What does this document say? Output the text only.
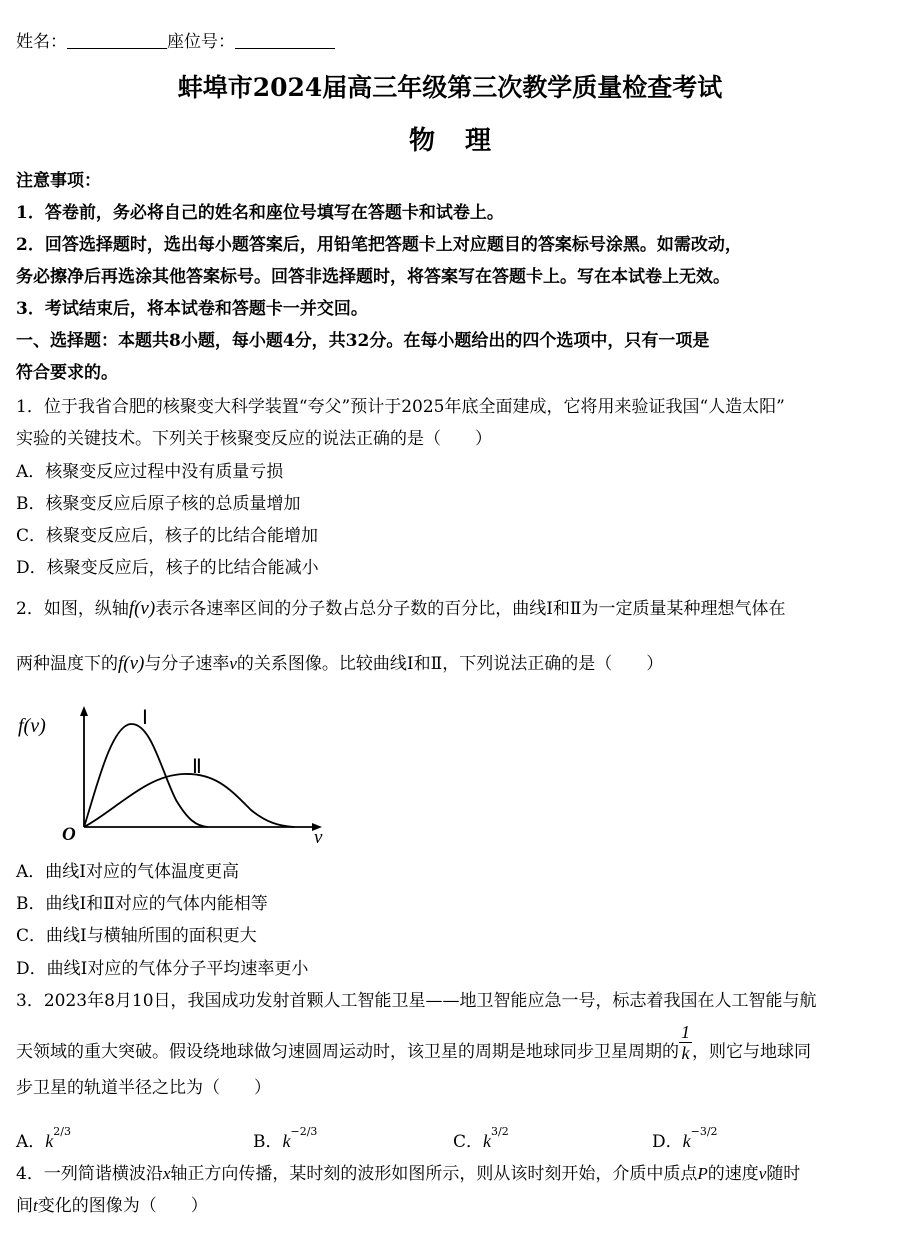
姓名：	座位号：
蚌埠市2024届高三年级第三次教学质量检查考试
物理
注意事项：
1．答卷前，务必将自己的姓名和座位号填写在答题卡和试卷上。
2．回答选择题时，选出每小题答案后，用铅笔把答题卡上对应题目的答案标号涂黑。如需改动，
务必擦净后再选涂其他答案标号。回答非选择题时，将答案写在答题卡上。写在本试卷上无效。
3．考试结束后，将本试卷和答题卡一并交回。
一、选择题：本题共8小题，每小题4分，共32分。在每小题给出的四个选项中，只有一项是
符合要求的。
1．位于我省合肥的核聚变大科学装置“夸父”预计于2025年底全面建成，它将用来验证我国“人造太阳”
实验的关键技术。下列关于核聚变反应的说法正确的是（　　）
A．核聚变反应过程中没有质量亏损
B．核聚变反应后原子核的总质量增加
C．核聚变反应后，核子的比结合能增加
D．核聚变反应后，核子的比结合能减小
2．如图，纵轴f(v)表示各速率区间的分子数占总分子数的百分比，曲线Ⅰ和Ⅱ为一定质量某种理想气体在
两种温度下的f(v)与分子速率v的关系图像。比较曲线Ⅰ和Ⅱ，下列说法正确的是（　　）
f(v)	Ⅰ
Ⅱ
O	v
A．曲线Ⅰ对应的气体温度更高
B．曲线Ⅰ和Ⅱ对应的气体内能相等
C．曲线Ⅰ与横轴所围的面积更大
D．曲线Ⅰ对应的气体分子平均速率更小
3．2023年8月10日，我国成功发射首颗人工智能卫星——地卫智能应急一号，标志着我国在人工智能与航
天领域的重大突破。假设绕地球做匀速圆周运动时，该卫星的周期是地球同步卫星周期的 $\frac{1}{k}$ ，则它与地球同
步卫星的轨道半径之比为（　　）
A．$k^{2/3}$
B．$k^{-2/3}$
C．$k^{3/2}$
D．$k^{-3/2}$
4．一列简谐横波沿x轴正方向传播，某时刻的波形如图所示，则从该时刻开始，介质中质点P的速度v随时
间t变化的图像为（　　）
